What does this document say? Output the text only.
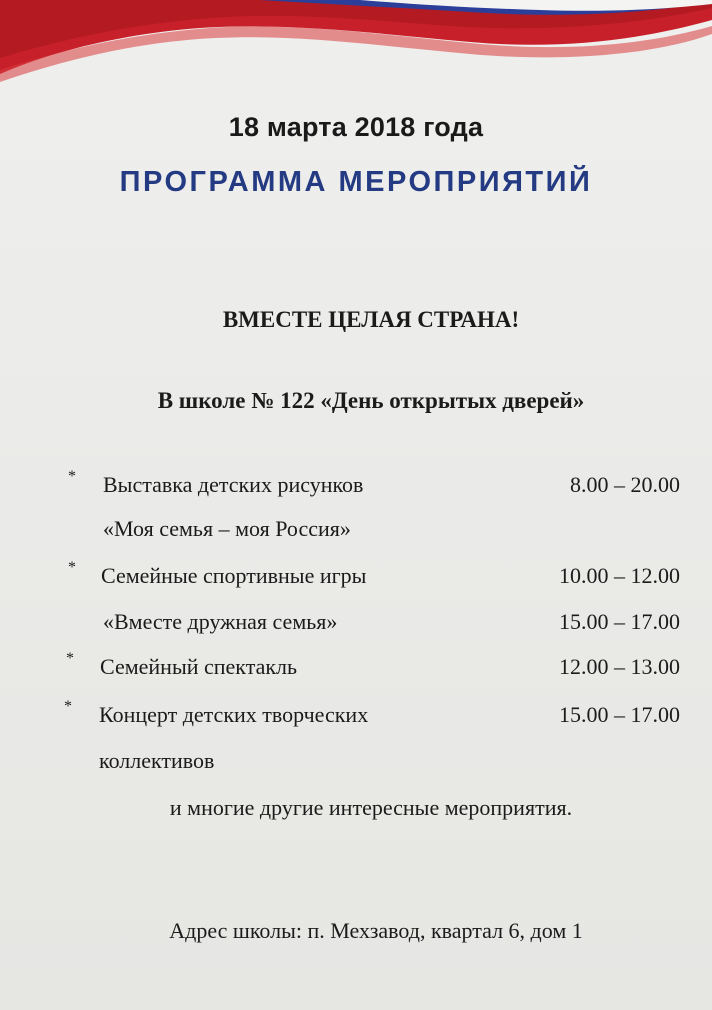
18 марта 2018 года
ПРОГРАММА МЕРОПРИЯТИЙ
ВМЕСТЕ ЦЕЛАЯ СТРАНА!
В школе № 122 «День открытых дверей»
* Выставка детских рисунков	8.00 – 20.00
«Моя семья – моя Россия»
* Семейные спортивные игры	10.00 – 12.00
«Вместе дружная семья»	15.00 – 17.00
* Семейный спектакль	12.00 – 13.00
* Концерт детских творческих	15.00 – 17.00
коллективов
и многие другие интересные мероприятия.
Адрес школы: п. Мехзавод, квартал 6, дом 1
